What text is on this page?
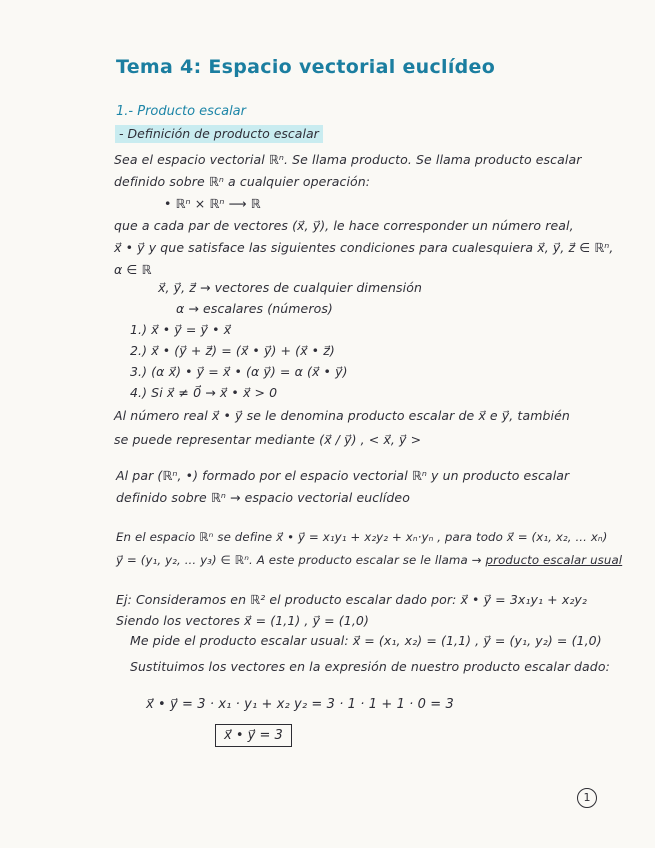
Tema 4: Espacio vectorial euclídeo
1.- Producto escalar
- Definición de producto escalar
Sea el espacio vectorial ℝⁿ. Se llama producto. Se llama producto escalar
definido sobre ℝⁿ a cualquier operación:
• ℝⁿ × ℝⁿ ⟶ ℝ
que a cada par de vectores (x⃗, y⃗), le hace corresponder un número real,
x⃗ • y⃗ y que satisface las siguientes condiciones para cualesquiera x⃗, y⃗, z⃗ ∈ ℝⁿ,
α ∈ ℝ
x⃗, y⃗, z⃗ → vectores de cualquier dimensión
α → escalares (números)
1.) x⃗ • y⃗ = y⃗ • x⃗
2.) x⃗ • (y⃗ + z⃗) = (x⃗ • y⃗) + (x⃗ • z⃗)
3.) (α x⃗) • y⃗ = x⃗ • (α y⃗) = α (x⃗ • y⃗)
4.) Si x⃗ ≠ 0⃗ → x⃗ • x⃗ > 0
Al número real x⃗ • y⃗ se le denomina producto escalar de x⃗ e y⃗, también
se puede representar mediante (x⃗ / y⃗) , < x⃗, y⃗ >
Al par (ℝⁿ, •) formado por el espacio vectorial ℝⁿ y un producto escalar
definido sobre ℝⁿ → espacio vectorial euclídeo
En el espacio ℝⁿ se define x⃗ • y⃗ = x₁y₁ + x₂y₂ + xₙ·yₙ , para todo x⃗ = (x₁, x₂, ... xₙ)
y⃗ = (y₁, y₂, ... y₃) ∈ ℝⁿ. A este producto escalar se le llama → producto escalar usual
Ej: Consideramos en ℝ² el producto escalar dado por: x⃗ • y⃗ = 3x₁y₁ + x₂y₂
Siendo los vectores x⃗ = (1,1) , y⃗ = (1,0)
Me pide el producto escalar usual: x⃗ = (x₁, x₂) = (1,1) , y⃗ = (y₁, y₂) = (1,0)
Sustituimos los vectores en la expresión de nuestro producto escalar dado:
x⃗ • y⃗ = 3 · x₁ · y₁ + x₂ y₂ = 3 · 1 · 1 + 1 · 0 = 3
x⃗ • y⃗ = 3
1
